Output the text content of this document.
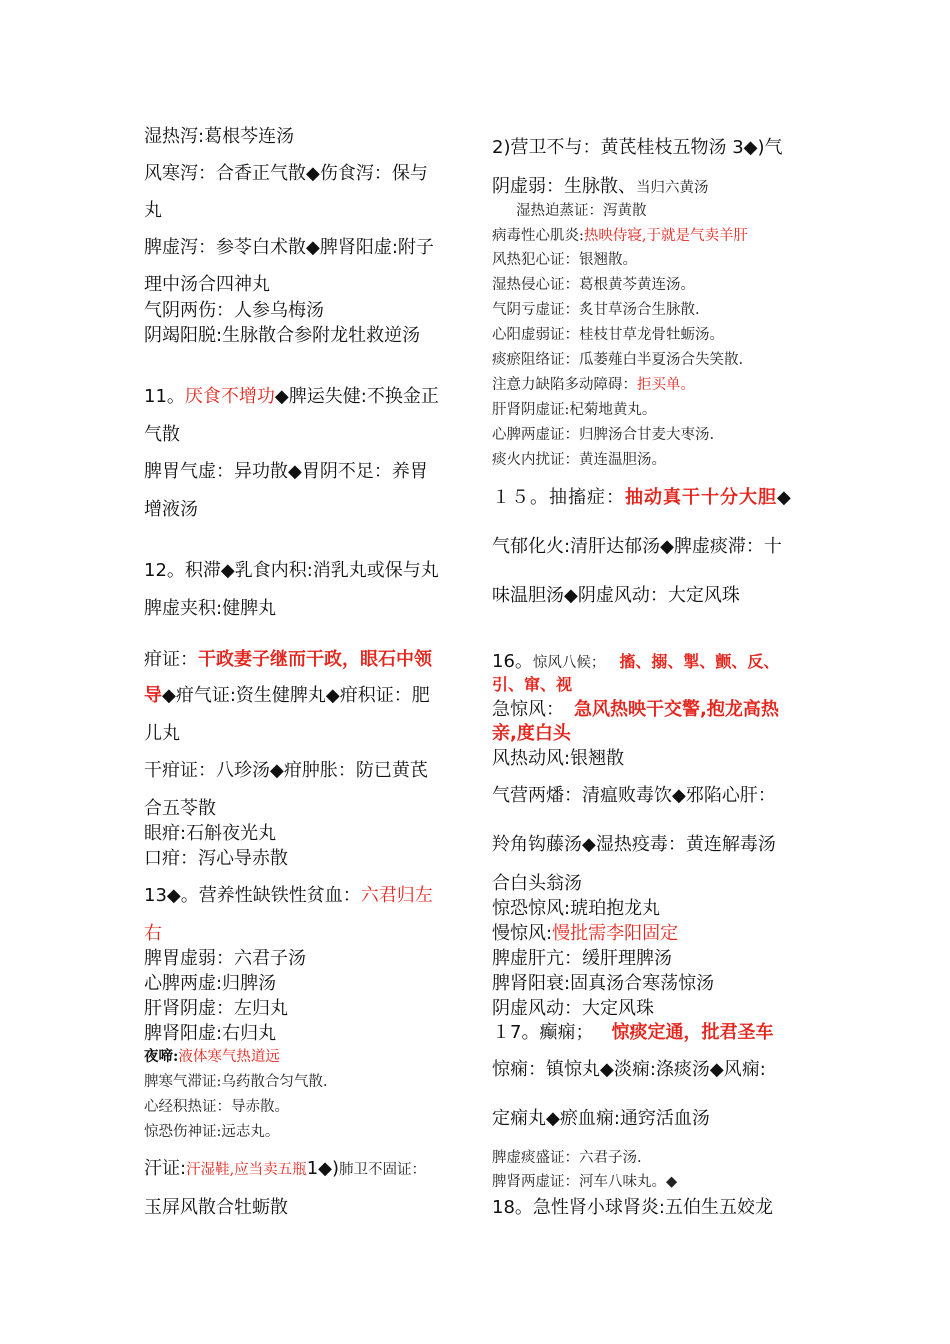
湿热泻:葛根芩连汤
风寒泻：合香正气散◆伤食泻：保与
丸
脾虚泻：参苓白术散◆脾肾阳虚:附子
理中汤合四神丸
气阴两伤：人参乌梅汤
阴竭阳脱:生脉散合参附龙牡救逆汤
11。厌食不增功◆脾运失健:不换金正
气散
脾胃气虚：异功散◆胃阴不足：养胃
增液汤
12。积滞◆乳食内积:消乳丸或保与丸
脾虚夹积:健脾丸
疳证：干政妻子继而干政，眼石中领
导◆疳气证:资生健脾丸◆疳积证：肥
儿丸
干疳证：八珍汤◆疳肿胀：防已黄芪
合五苓散
眼疳:石斛夜光丸
口疳：泻心导赤散
13◆。营养性缺铁性贫血：六君归左
右
脾胃虚弱：六君子汤
心脾两虚:归脾汤
肝肾阴虚：左归丸
脾肾阳虚:右归丸
夜啼:液体寒气热道远
脾寒气滞证:乌药散合匀气散.
心经积热证：导赤散。
惊恐伤神证:远志丸。
汗证:汗湿鞋,应当卖五瓶1◆)肺卫不固证：
玉屏风散合牡蛎散
2)营卫不与：黄芪桂枝五物汤 3◆)气
阴虚弱：生脉散、当归六黄汤
湿热迫蒸证：泻黄散
病毒性心肌炎:热映侍寝,于就是气卖羊肝
风热犯心证：银翘散。
湿热侵心证：葛根黄芩黄连汤。
气阴亏虚证：炙甘草汤合生脉散.
心阳虚弱证：桂枝甘草龙骨牡蛎汤。
痰瘀阻络证：瓜蒌薤白半夏汤合失笑散.
注意力缺陷多动障碍：拒买单。
肝肾阴虚证:杞菊地黄丸。
心脾两虚证：归脾汤合甘麦大枣汤.
痰火内扰证：黄连温胆汤。
１５。抽搐症：抽动真干十分大胆◆
气郁化火:清肝达郁汤◆脾虚痰滞：十
味温胆汤◆阴虚风动：大定风珠
16。惊风八候； 搐、搦、掣、颤、反、
引、窜、视
急惊风： 急风热映干交警,抱龙高热
亲,度白头
风热动风:银翘散
气营两燔：清瘟败毒饮◆邪陷心肝：
羚角钩藤汤◆湿热疫毒：黄连解毒汤
合白头翁汤
惊恐惊风:琥珀抱龙丸
慢惊风:慢批需李阳固定
脾虚肝亢：缓肝理脾汤
脾肾阳衰:固真汤合寒荡惊汤
阴虚风动：大定风珠
１7。癫痫； 惊痰定通，批君圣车
惊痫：镇惊丸◆淡痫:涤痰汤◆风痫:
定痫丸◆瘀血痫:通窍活血汤
脾虚痰盛证：六君子汤.
脾肾两虚证：河车八味丸。◆
18。急性肾小球肾炎:五伯生五姣龙
